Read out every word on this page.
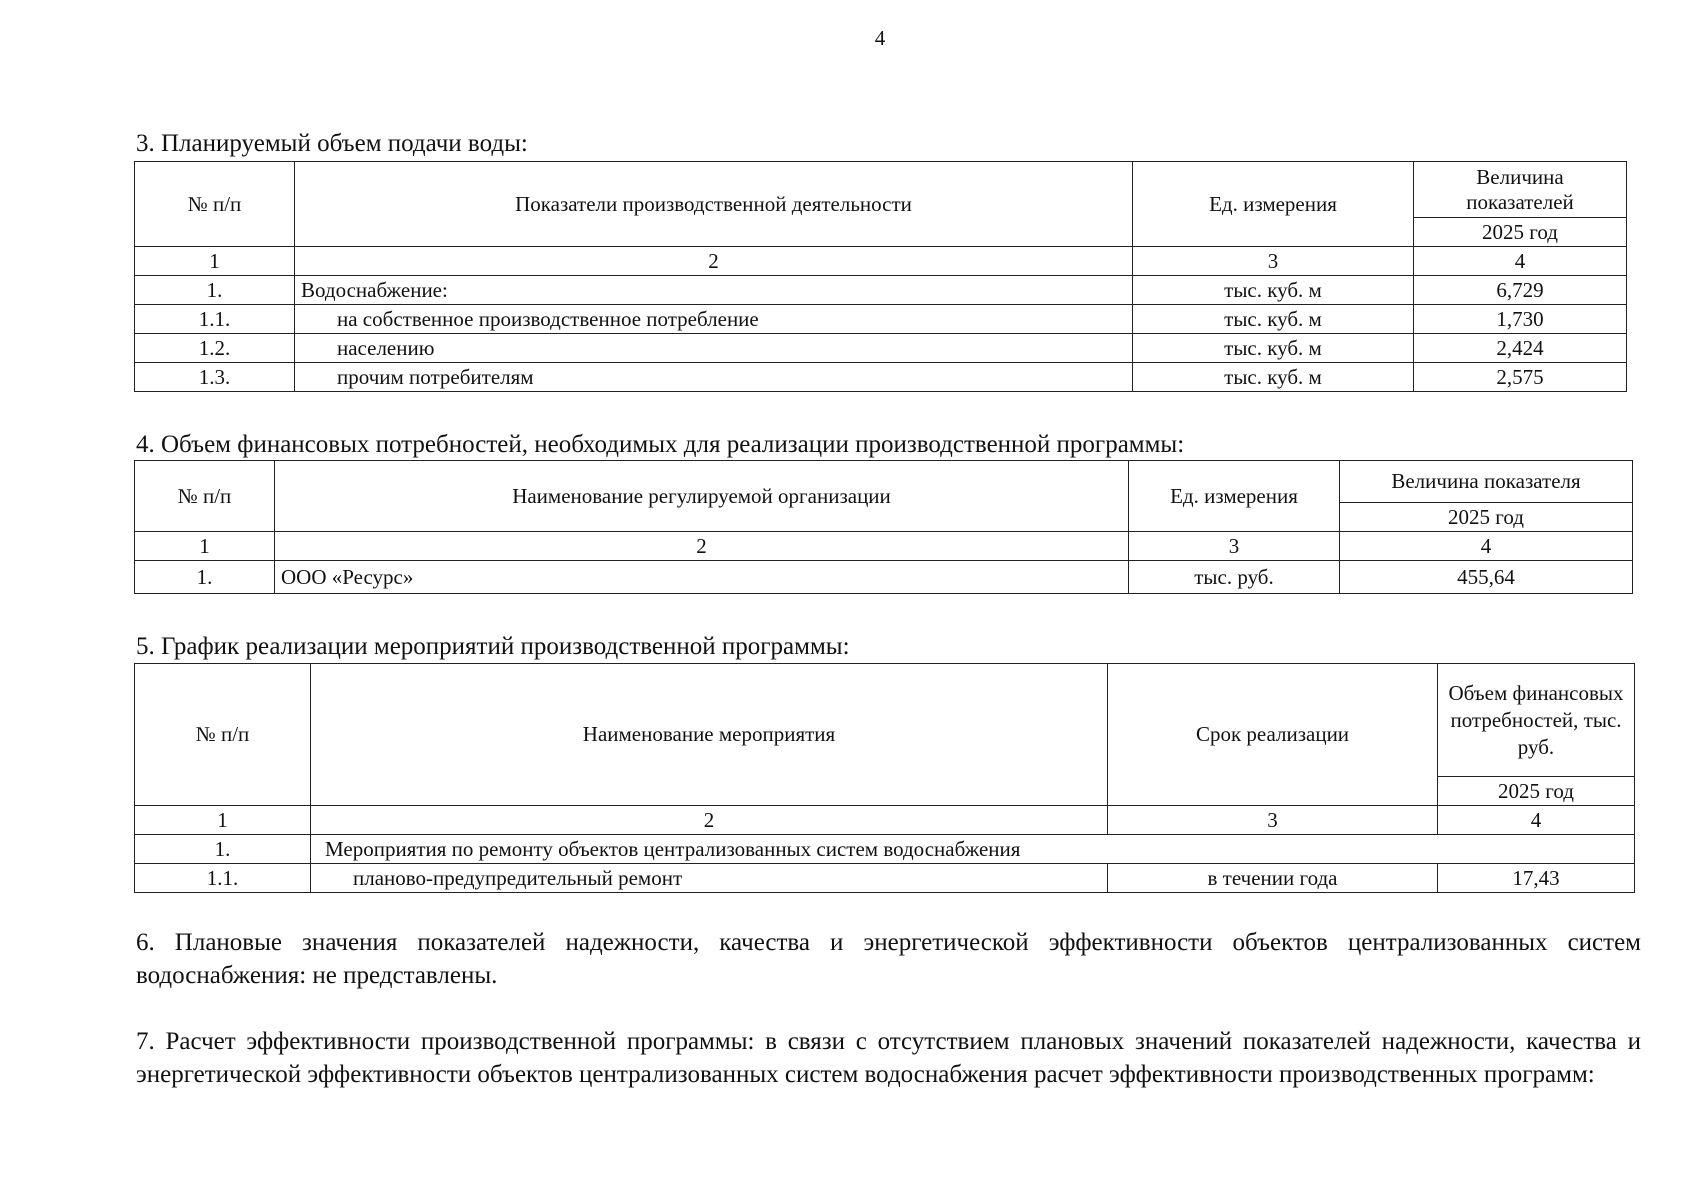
4
3. Планируемый объем подачи воды:
№ п/п	Показатели производственной деятельности	Ед. измерения	Величина показателей
			2025 год
1	2	3	4
1.	Водоснабжение:	тыс. куб. м	6,729
1.1.	на собственное производственное потребление	тыс. куб. м	1,730
1.2.	населению	тыс. куб. м	2,424
1.3.	прочим потребителям	тыс. куб. м	2,575
4. Объем финансовых потребностей, необходимых для реализации производственной программы:
№ п/п	Наименование регулируемой организации	Ед. измерения	Величина показателя
			2025 год
1	2	3	4
1.	ООО «Ресурс»	тыс. руб.	455,64
5. График реализации мероприятий производственной программы:
№ п/п	Наименование мероприятия	Срок реализации	Объем финансовых потребностей, тыс. руб.
			2025 год
1	2	3	4
1.	Мероприятия по ремонту объектов централизованных систем водоснабжения		
1.1.	планово-предупредительный ремонт	в течении года	17,43
6. Плановые значения показателей надежности, качества и энергетической эффективности объектов централизованных систем водоснабжения: не представлены.
7. Расчет эффективности производственной программы: в связи с отсутствием плановых значений показателей надежности, качества и энергетической эффективности объектов централизованных систем водоснабжения расчет эффективности производственных программ:
